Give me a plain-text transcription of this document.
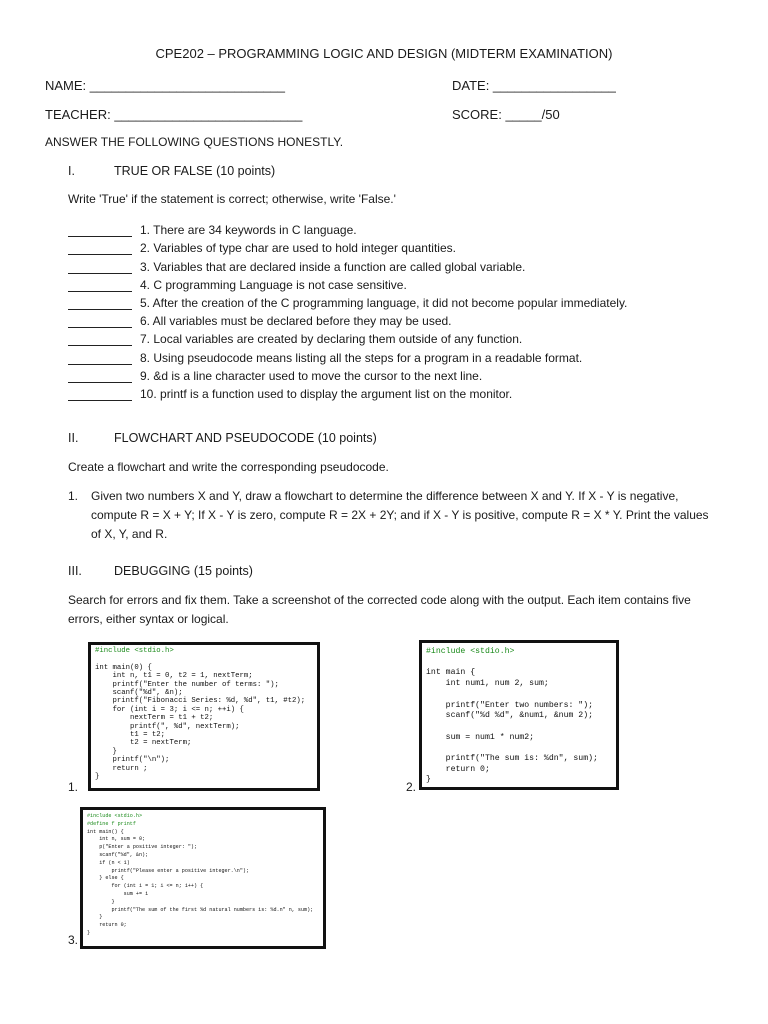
CPE202 – PROGRAMMING LOGIC AND DESIGN (MIDTERM EXAMINATION)
NAME: ___________________________	DATE: _________________
TEACHER: __________________________	SCORE: _____/50
ANSWER THE FOLLOWING QUESTIONS HONESTLY.
I.	TRUE OR FALSE (10 points)
Write 'True' if the statement is correct; otherwise, write 'False.'
1. There are 34 keywords in C language.
2. Variables of type char are used to hold integer quantities.
3. Variables that are declared inside a function are called global variable.
4. C programming Language is not case sensitive.
5. After the creation of the C programming language, it did not become popular immediately.
6. All variables must be declared before they may be used.
7. Local variables are created by declaring them outside of any function.
8. Using pseudocode means listing all the steps for a program in a readable format.
9. &d is a line character used to move the cursor to the next line.
10. printf is a function used to display the argument list on the monitor.
II.	FLOWCHART AND PSEUDOCODE (10 points)
Create a flowchart and write the corresponding pseudocode.
1. Given two numbers X and Y, draw a flowchart to determine the difference between X and Y. If X - Y is negative,
compute R = X + Y; If X - Y is zero, compute R = 2X + 2Y; and if X - Y is positive, compute R = X * Y. Print the values
of X, Y, and R.
III.	DEBUGGING (15 points)
Search for errors and fix them. Take a screenshot of the corrected code along with the output. Each item contains five
errors, either syntax or logical.
#include <stdio.h>

int main(0) {
int n, t1 = 0, t2 = 1, nextTerm;
printf("Enter the number of terms: ");
scanf("%d", &n);
printf("Fibonacci Series: %d, %d", t1, #t2);
for (int i = 3; i <= n; ++i) {
nextTerm = t1 + t2;
printf(", %d", nextTerm);
t1 = t2;
t2 = nextTerm;
}
printf("\n");
return ;
}
1.
#include <stdio.h>

int main {
int num1, num 2, sum;

printf("Enter two numbers: ");
scanf("%d %d", &num1, &num 2);

sum = num1 * num2;

printf("The sum is: %dn", sum);
return 0;
}
2.
#include <stdio.h>
#define f printf
int main() {
int n, sum = 0;
p("Enter a positive integer: ");
scanf("%d", &n);
if (n < 1)
printf("Please enter a positive integer.\n");
} else {
for (int i = 1; i <= n; i++) {
sum += i
}
printf("The sum of the first %d natural numbers is: %d.n" n, sum);
}
return 0;
}
3.
